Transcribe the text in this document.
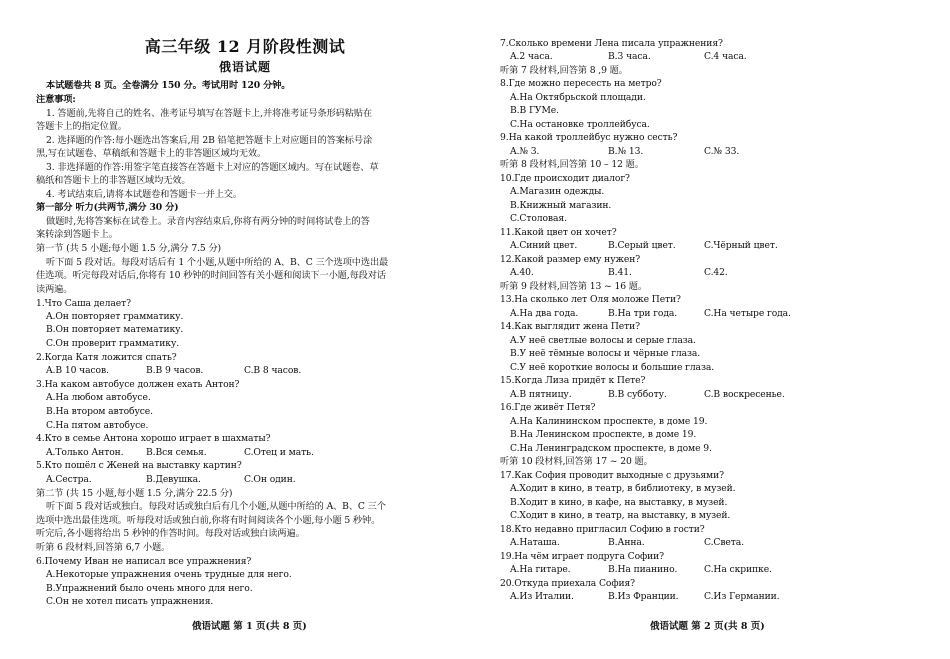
高三年级 12 月阶段性测试
俄语试题
本试题卷共 8 页。全卷满分 150 分。考试用时 120 分钟。
注意事项:
1. 答题前,先将自己的姓名、准考证号填写在答题卡上,并将准考证号条形码粘贴在
答题卡上的指定位置。
2. 选择题的作答:每小题选出答案后,用 2B 铅笔把答题卡上对应题目的答案标号涂
黑,写在试题卷、草稿纸和答题卡上的非答题区域均无效。
3. 非选择题的作答:用签字笔直接答在答题卡上对应的答题区域内。写在试题卷、草
稿纸和答题卡上的非答题区域均无效。
4. 考试结束后,请将本试题卷和答题卡一并上交。
第一部分 听力(共两节,满分 30 分)
做题时,先将答案标在试卷上。录音内容结束后,你将有两分钟的时间将试卷上的答
案转涂到答题卡上。
第一节 (共 5 小题;每小题 1.5 分,满分 7.5 分)
听下面 5 段对话。每段对话后有 1 个小题,从题中所给的 A、B、C 三个选项中选出最
佳选项。听完每段对话后,你将有 10 秒钟的时间回答有关小题和阅读下一小题,每段对话
读两遍。
1.Что Саша делает?
A.Он повторяет грамматику.
B.Он повторяет математику.
C.Он проверит грамматику.
2.Когда Катя ложится спать?
A.В 10 часов.	B.В 9 часов.	C.В 8 часов.
3.На каком автобусе должен ехать Антон?
A.На любом автобусе.
B.На втором автобусе.
C.На пятом автобусе.
4.Кто в семье Антона хорошо играет в шахматы?
A.Только Антон. B.Вся семья.	C.Отец и мать.
5.Кто пошёл с Женей на выставку картин?
A.Сестра.	B.Девушка.	C.Он один.
第二节 (共 15 小题,每小题 1.5 分,满分 22.5 分)
听下面 5 段对话或独白。每段对话或独白后有几个小题,从题中所给的 A、B、C 三个
选项中选出最佳选项。听每段对话或独白前,你将有时间阅读各个小题,每小题 5 秒钟。
听完后,各小题将给出 5 秒钟的作答时间。每段对话或独白读两遍。
听第 6 段材料,回答第 6,7 小题。
6.Почему Иван не написал все упражнения?
A.Некоторые упражнения очень трудные для него.
B.Упражнений было очень много для него.
C.Он не хотел писать упражнения.
俄语试题 第 1 页(共 8 页)
7.Сколько времени Лена писала упражнения?
A.2 часа.	B.3 часа.	C.4 часа.
听第 7 段材料,回答第 8 ,9 题。
8.Где можно пересесть на метро?
A.На Октябрьской площади.
B.В ГУМе.
C.На остановке троллейбуса.
9.На какой троллейбус нужно сесть?
A.№ 3.	B.№ 13.	C.№ 33.
听第 8 段材料,回答第 10 – 12 题。
10.Где происходит диалог?
A.Магазин одежды.
B.Книжный магазин.
C.Столовая.
11.Какой цвет он хочет?
A.Синий цвет.	B.Серый цвет.	C.Чёрный цвет.
12.Какой размер ему нужен?
A.40.	B.41.	C.42.
听第 9 段材料,回答第 13 ~ 16 题。
13.На сколько лет Оля моложе Пети?
A.На два года.	B.На три года.	C.На четыре года.
14.Как выглядит жена Пети?
A.У неё светлые волосы и серые глаза.
B.У неё тёмные волосы и чёрные глаза.
C.У неё короткие волосы и большие глаза.
15.Когда Лиза придёт к Пете?
A.В пятницу.	B.В субботу.	C.В воскресенье.
16.Где живёт Петя?
A.На Калининском проспекте, в доме 19.
B.На Ленинском проспекте, в доме 19.
C.На Ленинградском проспекте, в доме 9.
听第 10 段材料,回答第 17 ~ 20 题。
17.Как София проводит выходные с друзьями?
A.Ходит в кино, в театр, в библиотеку, в музей.
B.Ходит в кино, в кафе, на выставку, в музей.
C.Ходит в кино, в театр, на выставку, в музей.
18.Кто недавно пригласил Софию в гости?
A.Наташа.	B.Анна.	C.Света.
19.На чём играет подруга Софии?
A.На гитаре.	B.На пианино.	C.На скрипке.
20.Откуда приехала София?
A.Из Италии.	B.Из Франции.	C.Из Германии.
俄语试题 第 2 页(共 8 页)
